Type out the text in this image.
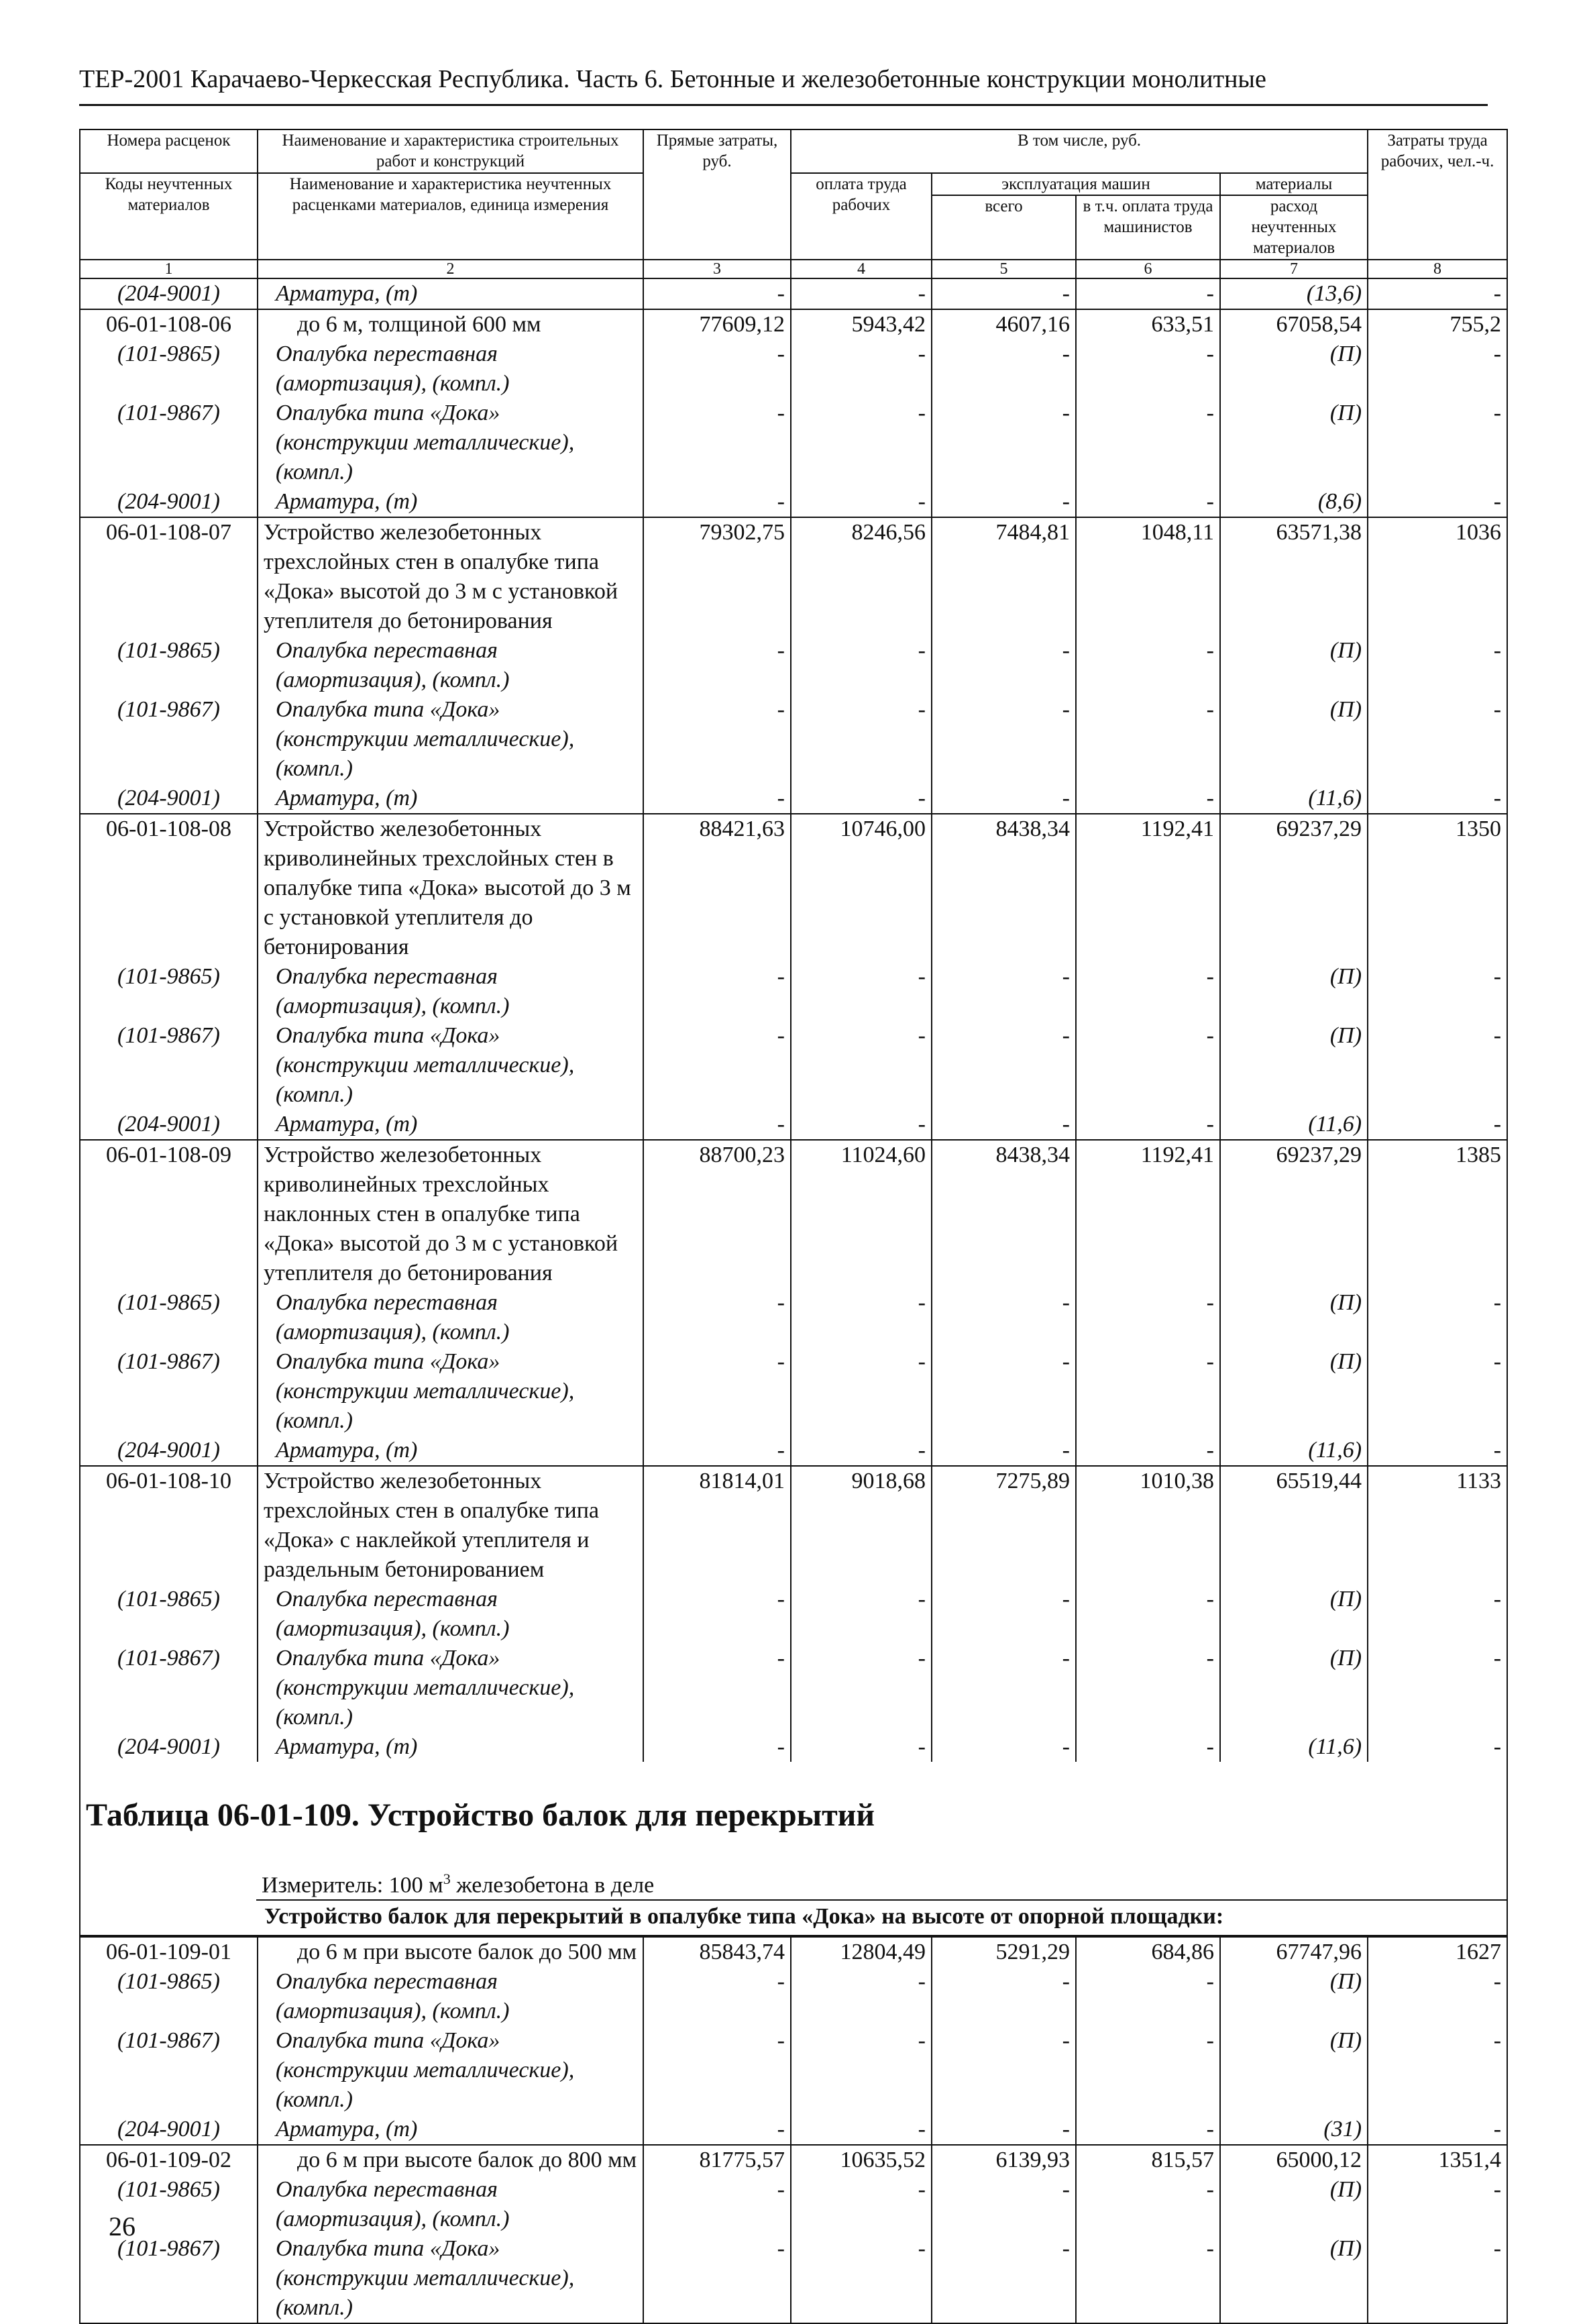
ТЕР-2001 Карачаево-Черкесская Республика. Часть 6. Бетонные и железобетонные конструкции монолитные
Номера расценок	Наименование и характеристика строительных работ и конструкций	Прямые затраты, руб.	В том числе, руб.				Затраты труда рабочих, чел.-ч.
Коды неучтенных материалов	Наименование и характеристика неучтенных расценками материалов, единица измерения		оплата труда рабочих	эксплуатация машин		материалы	
				всего	в т.ч. оплата труда машинистов	расход неучтенных материалов	
1	2	3	4	5	6	7	8
(204-9001)	Арматура, (т)	-	-	-	-	(13,6)	-
06-01-108-06	до 6 м, толщиной 600 мм	77609,12	5943,42	4607,16	633,51	67058,54	755,2
(101-9865)	Опалубка переставная (амортизация), (компл.)	-	-	-	-	(П)	-
(101-9867)	Опалубка типа «Дока» (конструкции металлические), (компл.)	-	-	-	-	(П)	-
(204-9001)	Арматура, (т)	-	-	-	-	(8,6)	-
06-01-108-07	Устройство железобетонных трехслойных стен в опалубке типа «Дока» высотой до 3 м с установкой утеплителя до бетонирования	79302,75	8246,56	7484,81	1048,11	63571,38	1036
(101-9865)	Опалубка переставная (амортизация), (компл.)	-	-	-	-	(П)	-
(101-9867)	Опалубка типа «Дока» (конструкции металлические), (компл.)	-	-	-	-	(П)	-
(204-9001)	Арматура, (т)	-	-	-	-	(11,6)	-
06-01-108-08	Устройство железобетонных криволинейных трехслойных стен в опалубке типа «Дока» высотой до 3 м с установкой утеплителя до бетонирования	88421,63	10746,00	8438,34	1192,41	69237,29	1350
(101-9865)	Опалубка переставная (амортизация), (компл.)	-	-	-	-	(П)	-
(101-9867)	Опалубка типа «Дока» (конструкции металлические), (компл.)	-	-	-	-	(П)	-
(204-9001)	Арматура, (т)	-	-	-	-	(11,6)	-
06-01-108-09	Устройство железобетонных криволинейных трехслойных наклонных стен в опалубке типа «Дока» высотой до 3 м с установкой утеплителя до бетонирования	88700,23	11024,60	8438,34	1192,41	69237,29	1385
(101-9865)	Опалубка переставная (амортизация), (компл.)	-	-	-	-	(П)	-
(101-9867)	Опалубка типа «Дока» (конструкции металлические), (компл.)	-	-	-	-	(П)	-
(204-9001)	Арматура, (т)	-	-	-	-	(11,6)	-
06-01-108-10	Устройство железобетонных трехслойных стен в опалубке типа «Дока» с наклейкой утеплителя и раздельным бетонированием	81814,01	9018,68	7275,89	1010,38	65519,44	1133
(101-9865)	Опалубка переставная (амортизация), (компл.)	-	-	-	-	(П)	-
(101-9867)	Опалубка типа «Дока» (конструкции металлические), (компл.)	-	-	-	-	(П)	-
(204-9001)	Арматура, (т)	-	-	-	-	(11,6)	-

Таблица 06-01-109. Устройство балок для перекрытий
Измеритель: 100 $м^3$ железобетона в деле
Устройство балок для перекрытий в опалубке типа «Дока» на высоте от опорной площадки:							

06-01-109-01	до 6 м при высоте балок до 500 мм	85843,74	12804,49	5291,29	684,86	67747,96	1627
(101-9865)	Опалубка переставная (амортизация), (компл.)	-	-	-	-	(П)	-
(101-9867)	Опалубка типа «Дока» (конструкции металлические), (компл.)	-	-	-	-	(П)	-
(204-9001)	Арматура, (т)	-	-	-	-	(31)	-
06-01-109-02	до 6 м при высоте балок до 800 мм	81775,57	10635,52	6139,93	815,57	65000,12	1351,4
(101-9865)	Опалубка переставная (амортизация), (компл.)	-	-	-	-	(П)	-
(101-9867)	Опалубка типа «Дока» (конструкции металлические), (компл.)	-	-	-	-	(П)	-
26
